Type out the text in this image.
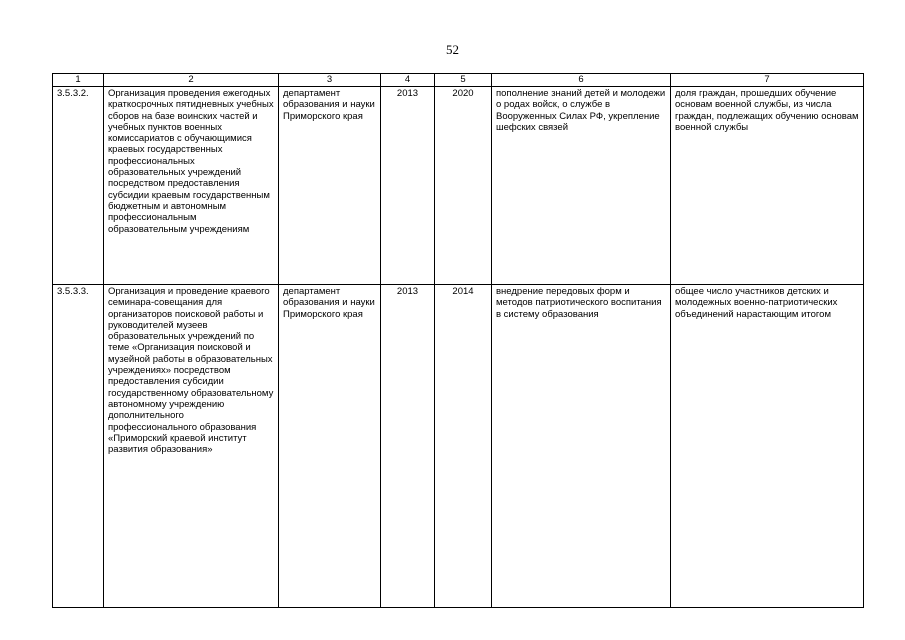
52
1	2	3	4	5	6	7
3.5.3.2.	Организация проведения ежегодных краткосрочных пятидневных учебных сборов на базе воинских частей и учебных пунктов военных комиссариатов с обучающимися краевых государственных профессиональных образовательных учреждений посредством предоставления субсидии краевым государственным бюджетным и автономным профессиональным образовательным учреждениям	департамент образования и науки Приморского края	2013	2020	пополнение знаний детей и молодежи о родах войск, о службе в Вооруженных Силах РФ, укрепление шефских связей	доля граждан, прошедших обучение основам военной службы, из числа граждан, подлежащих обучению основам военной службы
3.5.3.3.	Организация и проведение краевого семинара-совещания для организаторов поисковой работы и руководителей музеев образовательных учреждений по теме «Организация поисковой и музейной работы в образовательных учреждениях» посредством предоставления субсидии государственному образовательному автономному учреждению дополнительного профессионального образования «Приморский краевой институт развития образования»	департамент образования и науки Приморского края	2013	2014	внедрение передовых форм и методов патриотического воспитания в систему образования	общее число участников детских и молодежных военно-патриотических объединений нарастающим итогом
